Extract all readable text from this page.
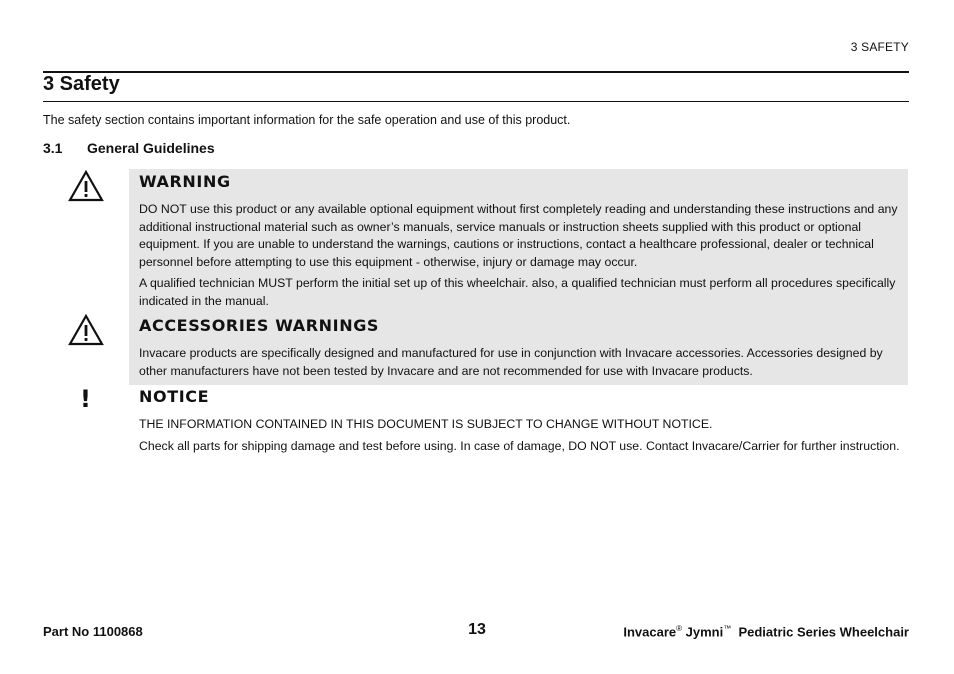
3 SAFETY
3 Safety

The safety section contains important information for the safe operation and use of this product.

3.1 General Guidelines
WARNING

DO NOT use this product or any available optional equipment without first completely reading and understanding these instructions and any additional instructional material such as owner’s manuals, service manuals or instruction sheets supplied with this product or optional equipment. If you are unable to understand the warnings, cautions or instructions, contact a healthcare professional, dealer or technical personnel before attempting to use this equipment - otherwise, injury or damage may occur.

A qualified technician MUST perform the initial set up of this wheelchair. also, a qualified technician must perform all procedures specifically indicated in the manual.

ACCESSORIES WARNINGS

Invacare products are specifically designed and manufactured for use in conjunction with Invacare accessories. Accessories designed by other manufacturers have not been tested by Invacare and are not recommended for use with Invacare products.

!	NOTICE

THE INFORMATION CONTAINED IN THIS DOCUMENT IS SUBJECT TO CHANGE WITHOUT NOTICE.

Check all parts for shipping damage and test before using. In case of damage, DO NOT use. Contact Invacare/Carrier for further instruction.

Part No 1100868	13	Invacare® Jymni™ Pediatric Series Wheelchair
